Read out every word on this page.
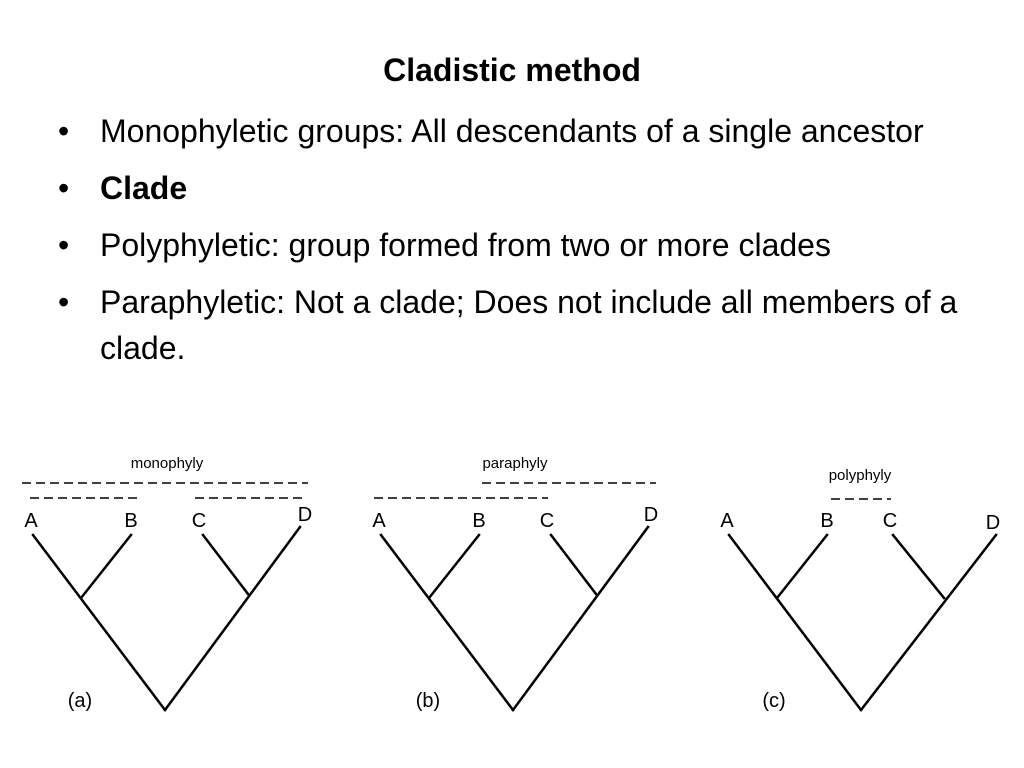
Cladistic method
• Monophyletic groups: All descendants of a single ancestor
• Clade
• Polyphyletic: group formed from two or more clades
• Paraphyletic: Not a clade; Does not include all members of a clade.
monophyly
A	B	C	D
(a)
paraphyly
A	B	C	D
(b)
polyphyly
A	B C	D
(c)
